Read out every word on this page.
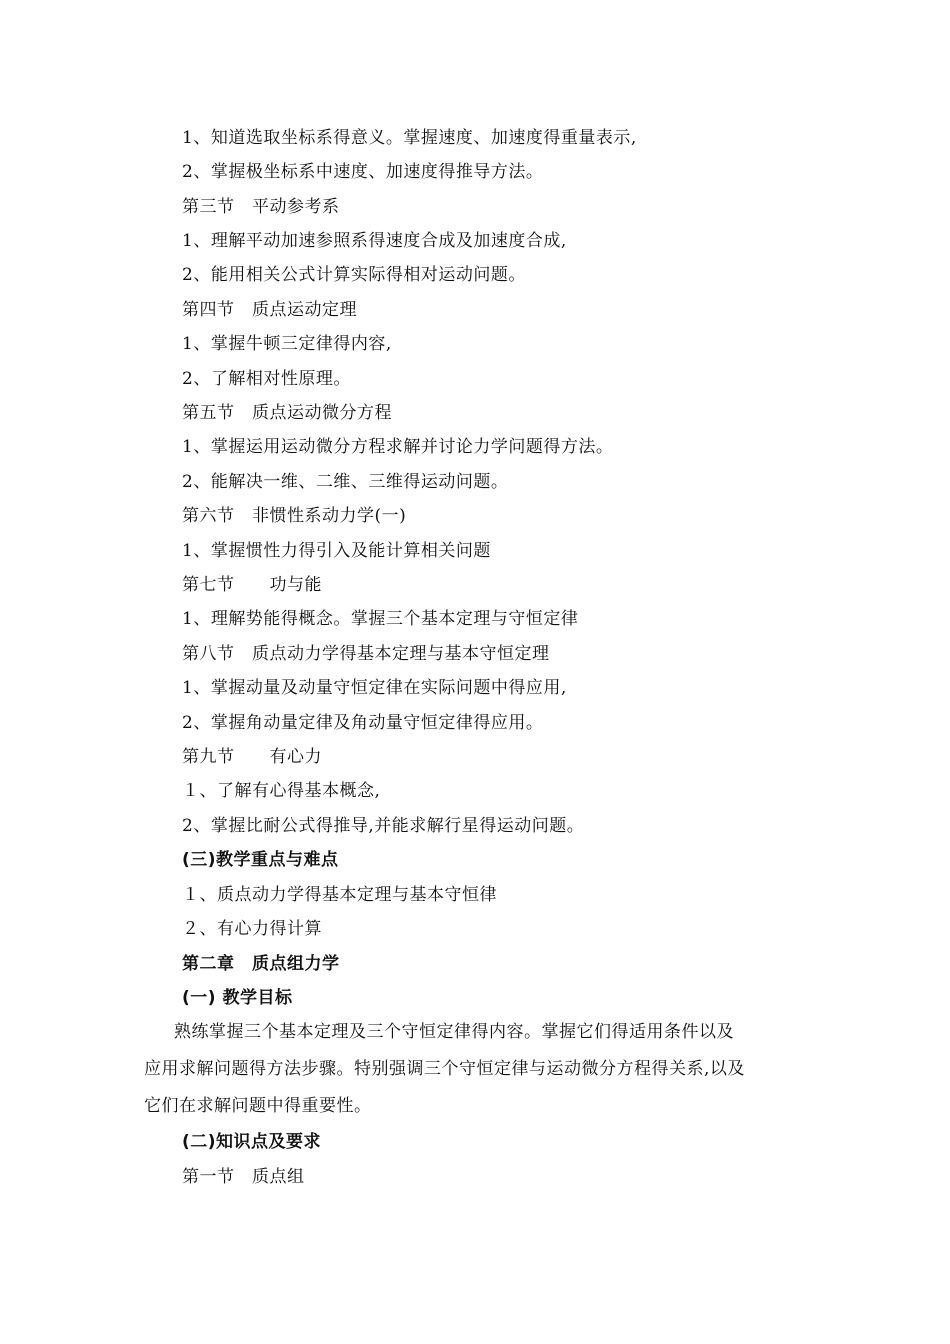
1、知道选取坐标系得意义。掌握速度、加速度得重量表示,
2、掌握极坐标系中速度、加速度得推导方法。
第三节　平动参考系
1、理解平动加速参照系得速度合成及加速度合成,
2、能用相关公式计算实际得相对运动问题。
第四节　质点运动定理
1、掌握牛顿三定律得内容,
2、了解相对性原理。
第五节　质点运动微分方程
1、掌握运用运动微分方程求解并讨论力学问题得方法。
2、能解决一维、二维、三维得运动问题。
第六节　非惯性系动力学(一)
1、掌握惯性力得引入及能计算相关问题
第七节　　功与能
1、理解势能得概念。掌握三个基本定理与守恒定律
第八节　质点动力学得基本定理与基本守恒定理
1、掌握动量及动量守恒定律在实际问题中得应用,
2、掌握角动量定律及角动量守恒定律得应用。
第九节　　有心力
１、了解有心得基本概念,
2、掌握比耐公式得推导,并能求解行星得运动问题。
(三)教学重点与难点
１、质点动力学得基本定理与基本守恒律
２、有心力得计算
第二章　质点组力学
(一) 教学目标
熟练掌握三个基本定理及三个守恒定律得内容。掌握它们得适用条件以及
应用求解问题得方法步骤。特别强调三个守恒定律与运动微分方程得关系,以及
它们在求解问题中得重要性。
(二)知识点及要求
第一节　质点组
